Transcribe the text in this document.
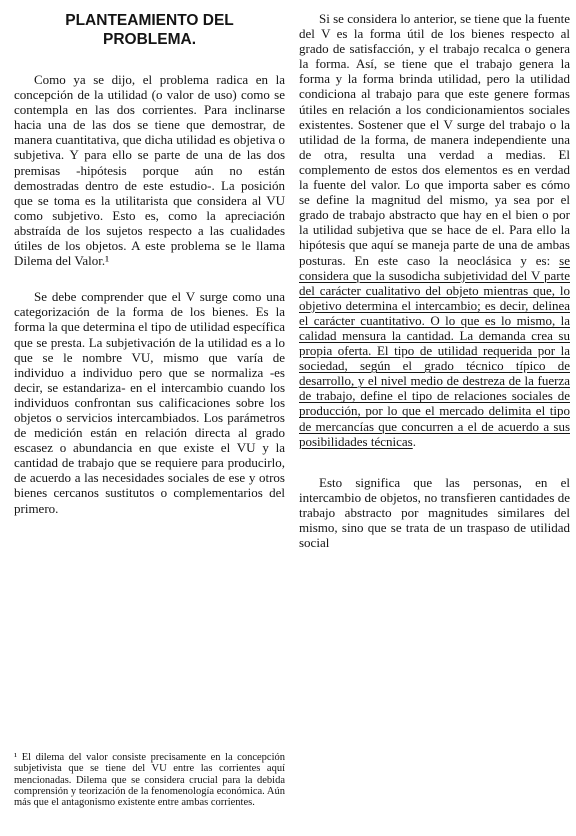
PLANTEAMIENTO DEL
PROBLEMA.

Como ya se dijo, el problema radica en la concepción de la utilidad (o valor de uso) como se contempla en las dos corrientes. Para inclinarse hacia una de las dos se tiene que demostrar, de manera cuantitativa, que dicha utilidad es objetiva o subjetiva. Y para ello se parte de una de las dos premisas -hipótesis porque aún no están demostradas dentro de este estudio-. La posición que se toma es la utilitarista que considera al VU como subjetivo. Esto es, como la apreciación abstraída de los sujetos respecto a las cualidades útiles de los objetos. A este problema se le llama Dilema del Valor.¹

Se debe comprender que el V surge como una categorización de la forma de los bienes. Es la forma la que determina el tipo de utilidad específica que se presta. La subjetivación de la utilidad es a lo que se le nombre VU, mismo que varía de individuo a individuo pero que se normaliza -es decir, se estandariza- en el intercambio cuando los individuos confrontan sus calificaciones sobre los objetos o servicios intercambiados. Los parámetros de medición están en relación directa al grado escasez o abundancia en que existe el VU y la cantidad de trabajo que se requiere para producirlo, de acuerdo a las necesidades sociales de ese y otros bienes cercanos sustitutos o complementarios del primero.

Si se considera lo anterior, se tiene que la fuente del V es la forma útil de los bienes respecto al grado de satisfacción, y el trabajo recalca o genera la forma. Así, se tiene que el trabajo genera la forma y la forma brinda utilidad, pero la utilidad condiciona al trabajo para que este genere formas útiles en relación a los condicionamientos sociales existentes. Sostener que el V surge del trabajo o la utilidad de la forma, de manera independiente una de otra, resulta una verdad a medias. El complemento de estos dos elementos es en verdad la fuente del valor. Lo que importa saber es cómo se define la magnitud del mismo, ya sea por el grado de trabajo abstracto que hay en el bien o por la utilidad subjetiva que se hace de el. Para ello la hipótesis que aquí se maneja parte de una de ambas posturas. En este caso la neoclásica y es: se considera que la susodicha subjetividad del V parte del carácter cualitativo del objeto mientras que, lo objetivo determina el intercambio; es decir, delinea el carácter cuantitativo. O lo que es lo mismo, la calidad mensura la cantidad. La demanda crea su propia oferta. El tipo de utilidad requerida por la sociedad, según el grado técnico típico de desarrollo, y el nivel medio de destreza de la fuerza de trabajo, define el tipo de relaciones sociales de producción, por lo que el mercado delimita el tipo de mercancías que concurren a el de acuerdo a sus posibilidades técnicas.

Esto significa que las personas, en el intercambio de objetos, no transfieren cantidades de trabajo abstracto por magnitudes similares del mismo, sino que se trata de un traspaso de utilidad social

¹ El dilema del valor consiste precisamente en la concepción subjetivista que se tiene del VU entre las corrientes aquí mencionadas. Dilema que se considera crucial para la debida comprensión y teorización de la fenomenología económica. Aún más que el antagonismo existente entre ambas corrientes.
